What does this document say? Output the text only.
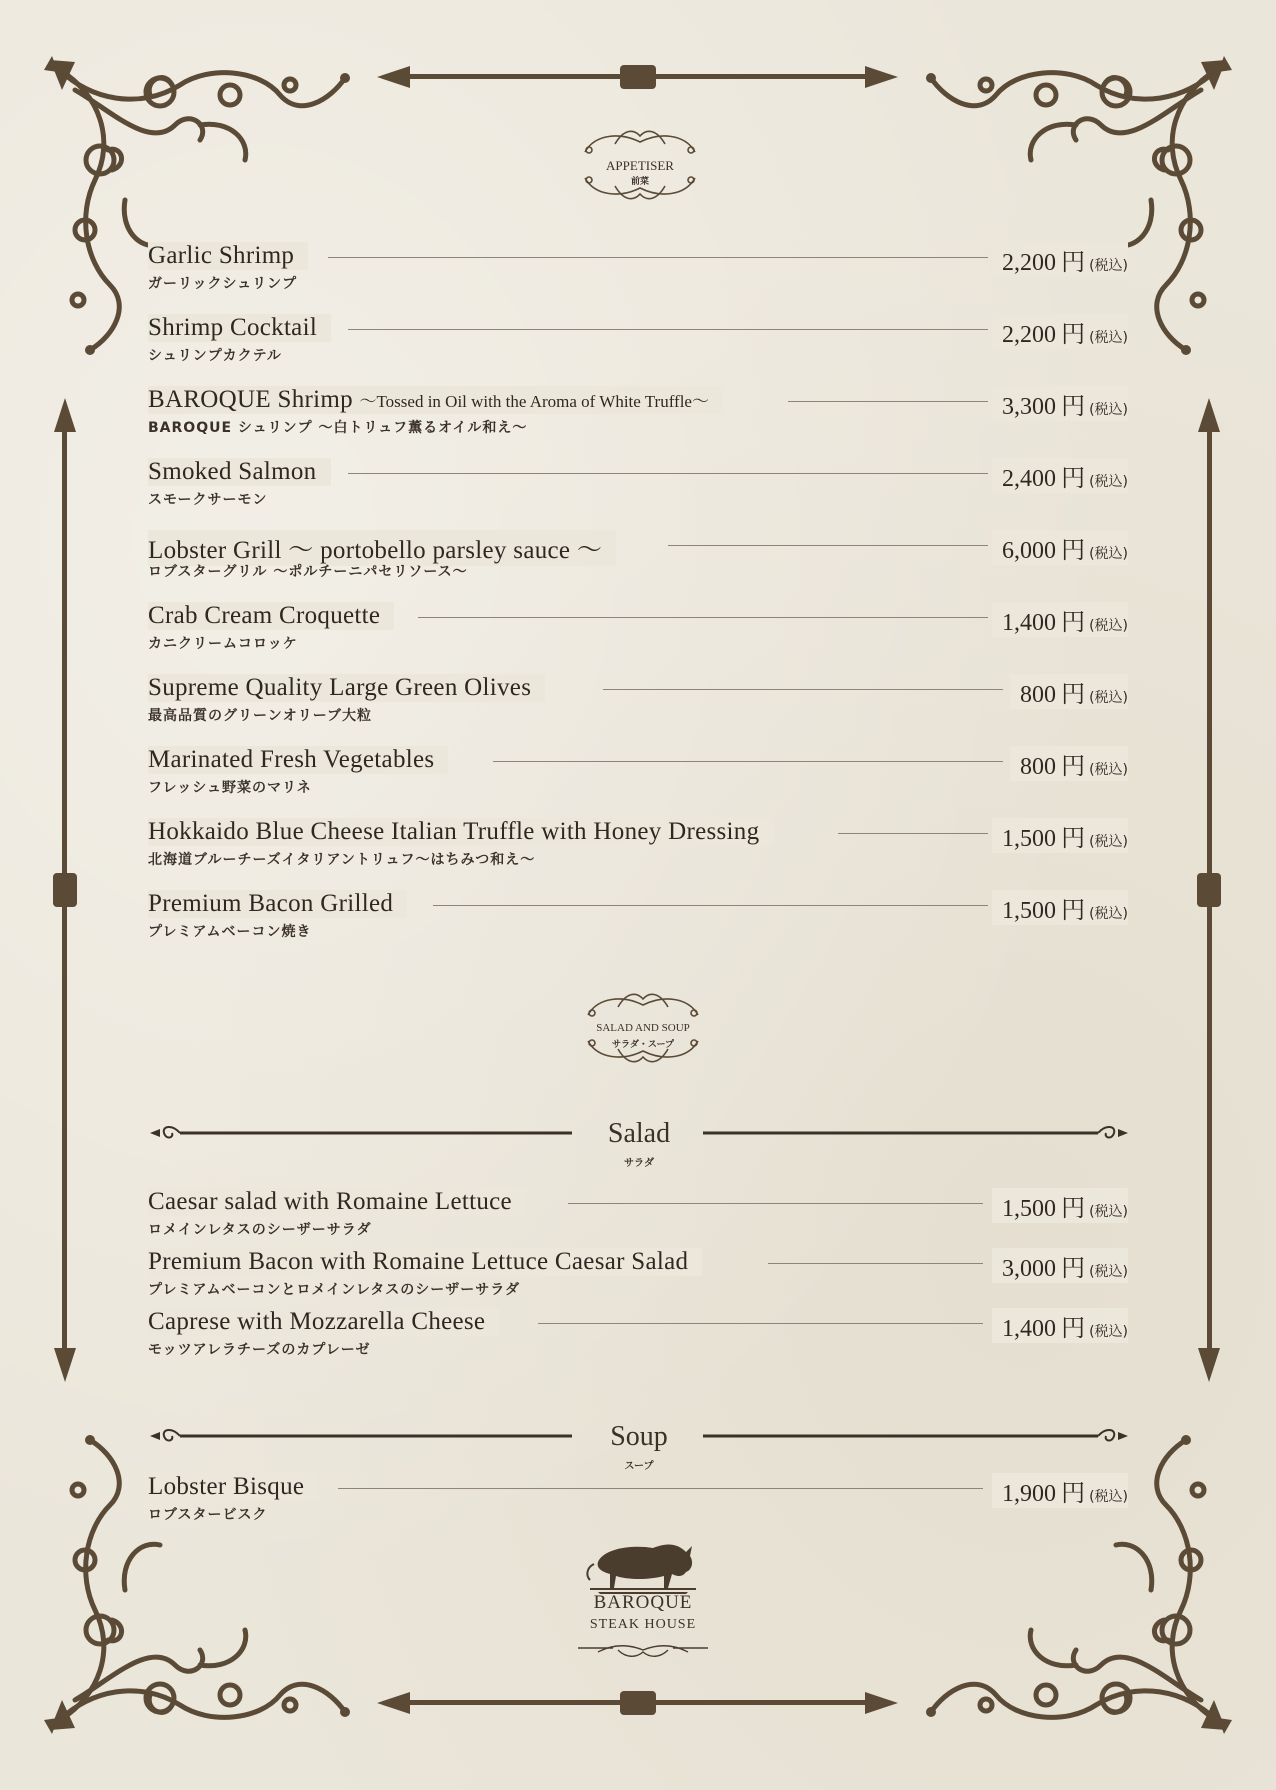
APPETISER
前菜
Garlic Shrimp	2,200 円 (税込)
ガーリックシュリンプ
Shrimp Cocktail	2,200 円 (税込)
シュリンプカクテル
BAROQUE Shrimp ～Tossed in Oil with the Aroma of White Truffle～	3,300 円 (税込)
BAROQUE シュリンプ ～白トリュフ薫るオイル和え～
Smoked Salmon	2,400 円 (税込)
スモークサーモン
Lobster Grill ～ portobello parsley sauce ～	6,000 円 (税込)
ロブスターグリル ～ポルチーニパセリソース～
Crab Cream Croquette	1,400 円 (税込)
カニクリームコロッケ
Supreme Quality Large Green Olives	800 円 (税込)
最高品質のグリーンオリーブ大粒
Marinated Fresh Vegetables	800 円 (税込)
フレッシュ野菜のマリネ
Hokkaido Blue Cheese Italian Truffle with Honey Dressing	1,500 円 (税込)
北海道ブルーチーズイタリアントリュフ～はちみつ和え～
Premium Bacon Grilled	1,500 円 (税込)
プレミアムベーコン焼き
SALAD AND SOUP
サラダ・スープ
Salad
サラダ
Caesar salad with Romaine Lettuce	1,500 円 (税込)
ロメインレタスのシーザーサラダ
Premium Bacon with Romaine Lettuce Caesar Salad	3,000 円 (税込)
プレミアムベーコンとロメインレタスのシーザーサラダ
Caprese with Mozzarella Cheese	1,400 円 (税込)
モッツアレラチーズのカプレーゼ
Soup
スープ
Lobster Bisque	1,900 円 (税込)
ロブスタービスク
BAROQUE
STEAK HOUSE
